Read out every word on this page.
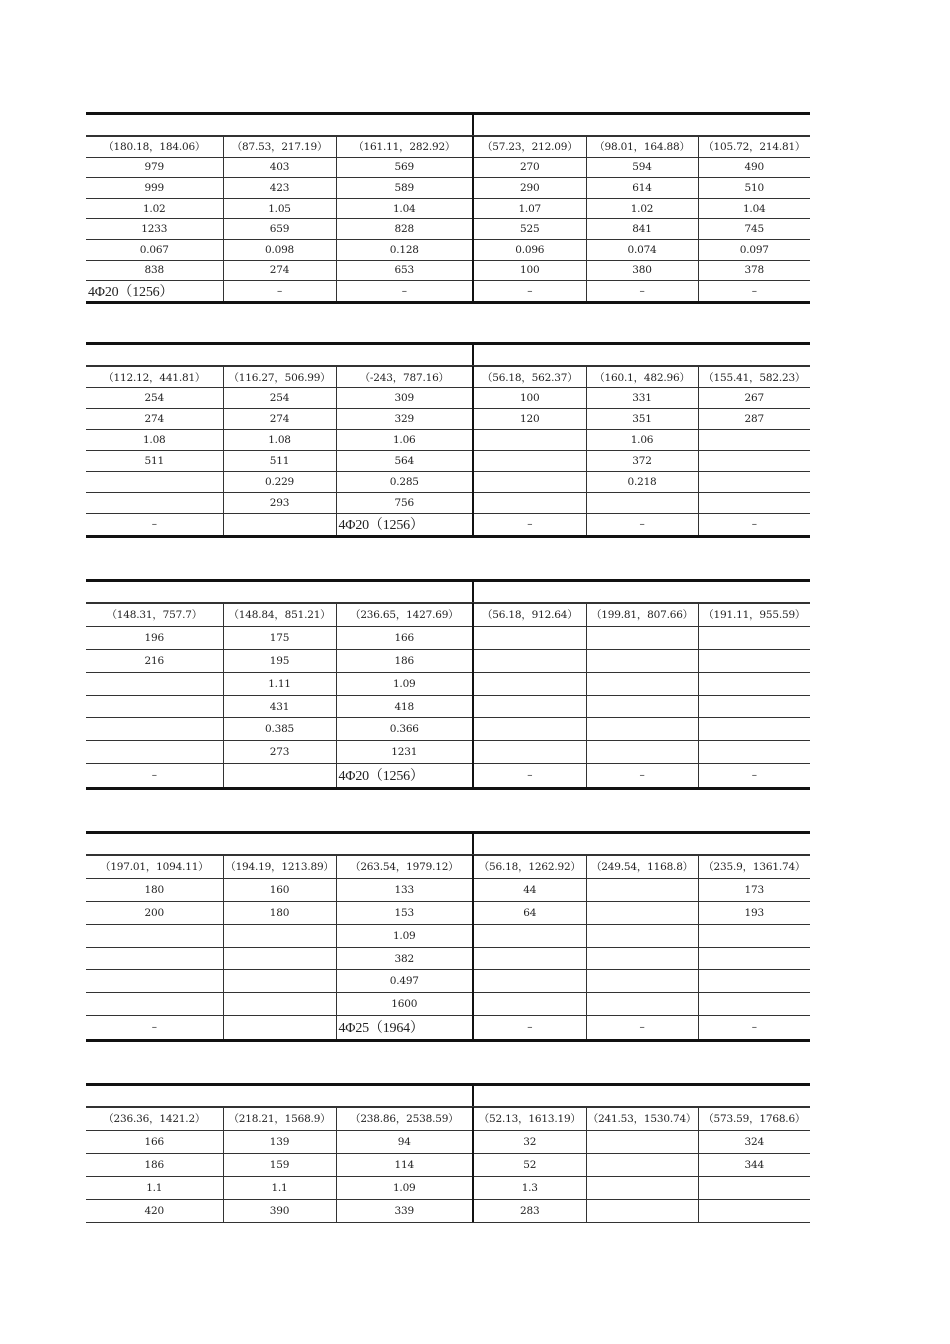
（180.18，184.06）	（87.53，217.19）	（161.11，282.92）	（57.23，212.09）	（98.01，164.88）	（105.72，214.81）
979	403	569	270	594	490
999	423	589	290	614	510
1.02	1.05	1.04	1.07	1.02	1.04
1233	659	828	525	841	745
0.067	0.098	0.128	0.096	0.074	0.097
838	274	653	100	380	378
4Φ20（1256）	–	–	–	–	–
（112.12，441.81）	（116.27，506.99）	（-243，787.16）	（56.18，562.37）	（160.1，482.96）	（155.41，582.23）
254	254	309	100	331	267
274	274	329	120	351	287
1.08	1.08	1.06		1.06	
511	511	564		372	
	0.229	0.285		0.218	
	293	756			
–		4Φ20（1256）	–	–	–
（148.31，757.7）	（148.84，851.21）	（236.65，1427.69）	（56.18，912.64）	（199.81，807.66）	（191.11，955.59）
196	175	166			
216	195	186			
	1.11	1.09			
	431	418			
	0.385	0.366			
	273	1231			
–		4Φ20（1256）	–	–	–
（197.01，1094.11）	（194.19，1213.89）	（263.54，1979.12）	（56.18，1262.92）	（249.54，1168.8）	（235.9，1361.74）
180	160	133	44		173
200	180	153	64		193
		1.09			
		382			
		0.497			
		1600			
–		4Φ25（1964）	–	–	–
（236.36，1421.2）	（218.21，1568.9）	（238.86，2538.59）	（52.13，1613.19）	（241.53，1530.74）	（573.59，1768.6）
166	139	94	32		324
186	159	114	52		344
1.1	1.1	1.09	1.3		
420	390	339	283		
